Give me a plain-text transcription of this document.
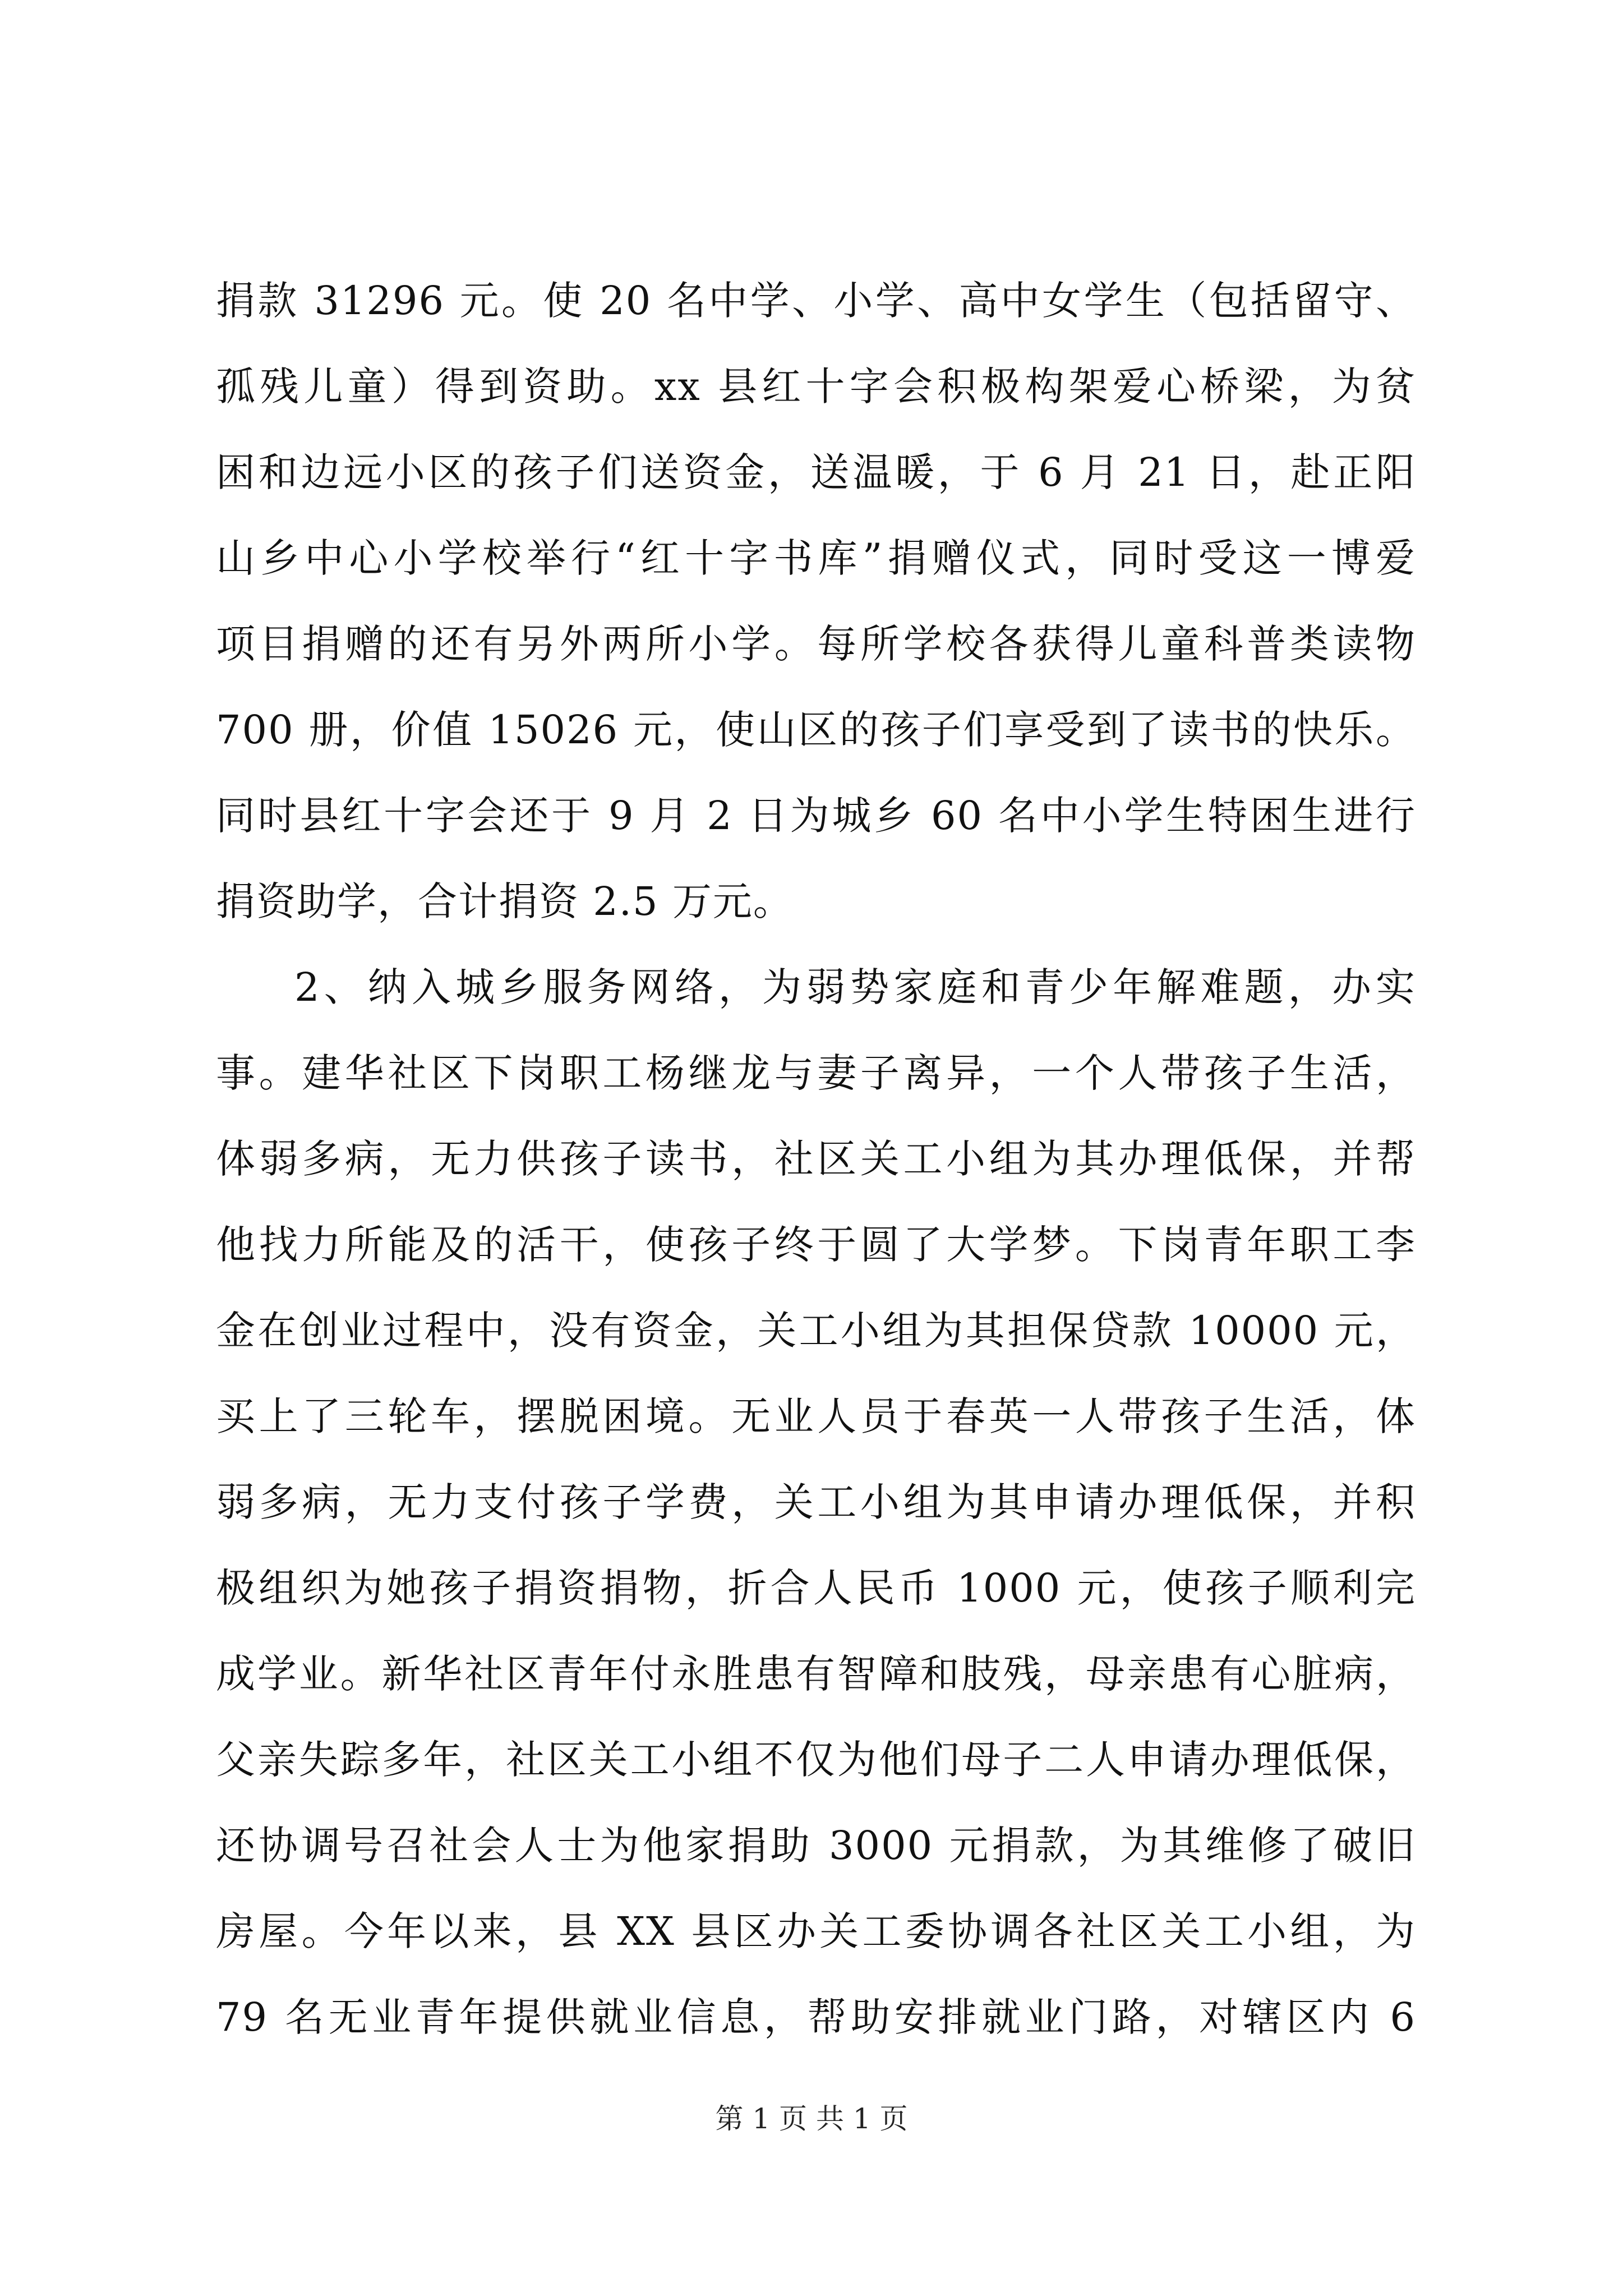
捐款 31296 元。使 20 名中学、小学、高中女学生（包括留守、
孤残儿童）得到资助。xx 县红十字会积极构架爱心桥梁，为贫
困和边远小区的孩子们送资金，送温暖，于 6 月 21 日，赴正阳
山乡中心小学校举行“红十字书库”捐赠仪式，同时受这一博爱
项目捐赠的还有另外两所小学。每所学校各获得儿童科普类读物
700 册，价值 15026 元，使山区的孩子们享受到了读书的快乐。
同时县红十字会还于 9 月 2 日为城乡 60 名中小学生特困生进行
捐资助学，合计捐资 2.5 万元。
2、纳入城乡服务网络，为弱势家庭和青少年解难题，办实
事。建华社区下岗职工杨继龙与妻子离异，一个人带孩子生活，
体弱多病，无力供孩子读书，社区关工小组为其办理低保，并帮
他找力所能及的活干，使孩子终于圆了大学梦。下岗青年职工李
金在创业过程中，没有资金，关工小组为其担保贷款 10000 元，
买上了三轮车，摆脱困境。无业人员于春英一人带孩子生活，体
弱多病，无力支付孩子学费，关工小组为其申请办理低保，并积
极组织为她孩子捐资捐物，折合人民币 1000 元，使孩子顺利完
成学业。新华社区青年付永胜患有智障和肢残，母亲患有心脏病，
父亲失踪多年，社区关工小组不仅为他们母子二人申请办理低保，
还协调号召社会人士为他家捐助 3000 元捐款，为其维修了破旧
房屋。今年以来，县 XX 县区办关工委协调各社区关工小组，为
79 名无业青年提供就业信息，帮助安排就业门路，对辖区内 6
第 1 页 共 1 页
